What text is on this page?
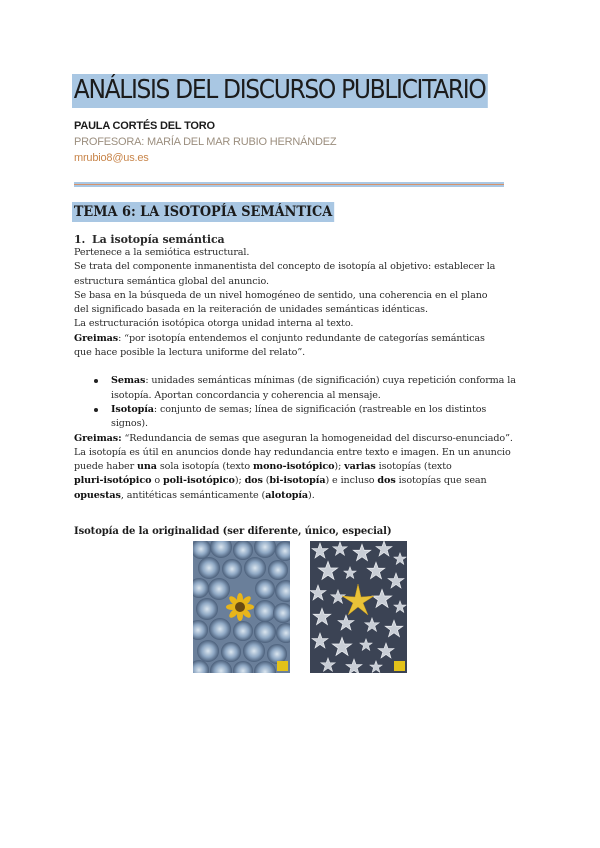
ANÁLISIS DEL DISCURSO PUBLICITARIO
PAULA CORTÉS DEL TORO
PROFESORA: MARÍA DEL MAR RUBIO HERNÁNDEZ
mrubio8@us.es
TEMA 6: LA ISOTOPÍA SEMÁNTICA

1. La isotopía semántica

Pertenece a la semiótica estructural.

Se trata del componente inmanentista del concepto de isotopía al objetivo: establecer la

estructura semántica global del anuncio.

Se basa en la búsqueda de un nivel homogéneo de sentido, una coherencia en el plano

del significado basada en la reiteración de unidades semánticas idénticas.

La estructuración isotópica otorga unidad interna al texto.

Greimas: “por isotopía entendemos el conjunto redundante de categorías semánticas

que hace posible la lectura uniforme del relato”.

Semas: unidades semánticas mínimas (de significación) cuya repetición conforma la
isotopía. Aportan concordancia y coherencia al mensaje.
Isotopía: conjunto de semas; línea de significación (rastreable en los distintos
signos).

Greimas: “Redundancia de semas que aseguran la homogeneidad del discurso-enunciado”.

La isotopía es útil en anuncios donde hay redundancia entre texto e imagen. En un anuncio

puede haber una sola isotopía (texto mono-isotópico); varias isotopías (texto

pluri-isotópico o poli-isotópico); dos (bi-isotopía) e incluso dos isotopías que sean

opuestas, antitéticas semánticamente (alotopía).

Isotopía de la originalidad (ser diferente, único, especial)
